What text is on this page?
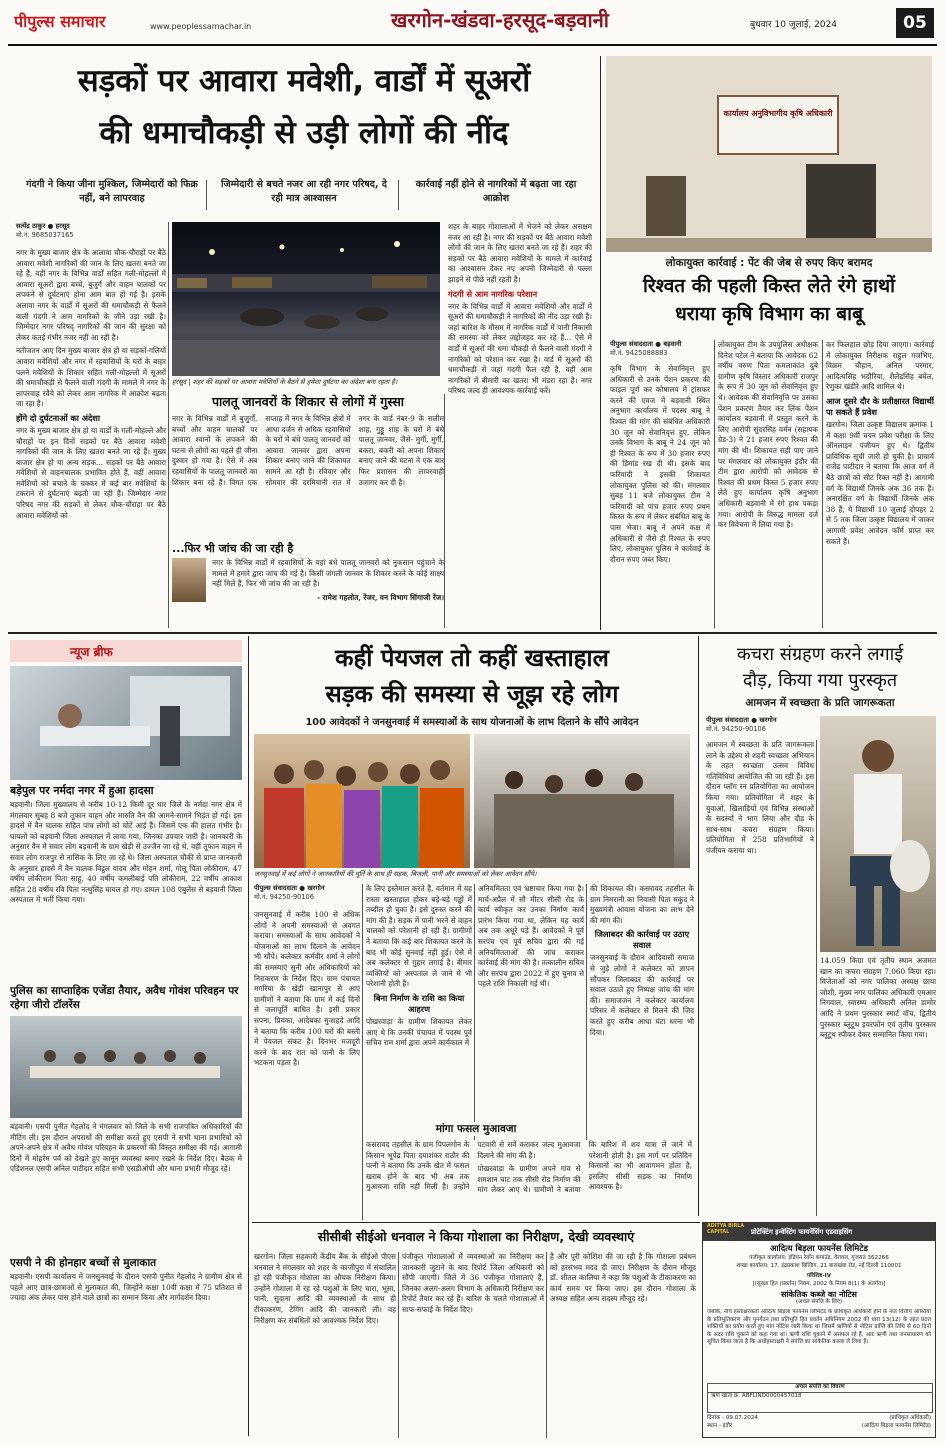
पीपुल्स समाचार	www.peoplessamachar.in	खरगोन-खंडवा-हरसूद-बड़वानी	बुधवार 10 जुलाई, 2024	05
सड़कों पर आवारा मवेशी, वार्डों में सूअरों
की धमाचौकड़ी से उड़ी लोगों की नींद
गंदगी ने किया जीना मुश्किल, जिम्मेदारों को फिक्र नहीं, बने लापरवाह
जिम्मेदारी से बचते नजर आ रही नगर परिषद, दे रही मात्र आश्वासन
कार्रवाई नहीं होने से नागरिकों में बढ़ता जा रहा आक्रोश
सत्येंद्र ठाकुर ● हरसूद
मो.नं. 9685037165

नगर के मुख्य बाजार क्षेत्र के आलावा चौक-चौराहों पर बैठे आवारा मवेशी नागरिकों की जान के लिए खतरा बनते जा रहे हैं, वहीं नगर के विभिन्न वार्डों सहित गली-मोहल्लों में आवारा सूअरों द्वारा बच्चे, बुजुर्ग और वाहन चालकों पर लपकने से दुर्घटनाएं होना आम बात हो गई है। इसके अलावा नगर के वार्डों में सूअरों की धमाचौकड़ी से फैलने वाली गंदगी ने आम नागरिकों के जीने उड़ा रखी है। जिम्मेदार नगर परिषद् नागरिकों की जान की सुरक्षा को लेकर कतई गंभीर नजर नहीं आ रही है।

नतीजतन आए दिन मुख्य बाजार क्षेत्र हो या सड़कों-गलियों आवारा मवेशियों और नगर में रहवासियों के घरों के बाहर पलने मवेशियों के शिकार सहित गली-मोहल्लों में सूअरों की धमाचौकड़ी से फैलने वाली गंदगी के मामले में नगर के लापरवाह रवैये को लेकर आम नागरिक में आक्रोश बढ़ता जा रहा है।

होंगे दो दुर्घटनाओं का अंदेशा

नगर के मुख्य बाजार क्षेत्र हो या वार्डों के गली-मोहल्ले और चौराहों पर इन दिनों सड़कों पर बैठे आवारा मवेशी नागरिकों की जान के लिए खतरा बनते जा रहे हैं। मुख्य बाजार क्षेत्र हो या अन्य सड़क... सड़कों पर बैठे आवारा मवेशियों से वाहनचालक प्रभावित होते हैं, वहीं आवारा मवेशियों को बचाने के चक्कर में कई बार मवेशियों के टकराने से दुर्घटनाएं बढ़ती जा रही हैं। जिम्मेदार नगर परिषद नगर की सड़कों से लेकर चौक-चौराहा पर बैठे आवारा मवेशियों को

हरसूद | शहर की सड़कों पर आवारा मवेशियों के बैठने से हमेशा दुर्घटना का अंदेशा बना रहता है।

शहर के बाहर गोशालाओं में भेजने को लेकर असक्षम नजर आ रही है। नगर की सड़कों पर बैठे आवारा मवेशी लोगों की जान के लिए खतरा बनते जा रहे हैं। शहर की सड़कों पर बैठे आवारा मवेशियों के मामले में कार्रवाई का आश्वासन देकर नए अपनी जिम्मेदारी से पल्ला झाड़ने से पीछे नहीं रहती है।

गंदगी से आम नागरिक परेशान

नगर के विभिन्न वार्डों में आवारा मवेशियों और वार्डों में सूअरों की धमाचौकड़ी ने नागरिकों की नींद उड़ा रखी है। जहां बारिश के मौसम में नागरिक वार्डों में पानी निकासी की समस्या को लेकर जद्दोजहद कर रहे हैं... ऐसे में वार्डों में सूअरों की धमा चौकड़ी से फैलने वाली गंदगी ने नागरिकों को परेशान कर रखा है। वार्ड में सूअरों की धमाचौकड़ी से जहां गंदगी फैल रही है, वहीं आम नागरिकों में बीमारी का खतरा भी मंडरा रहा है। नगर परिषद जल्द ही आवश्यक कार्रवाई करें।

पालतू जानवरों के शिकार से लोगों में गुस्सा

नगर के विभिन्न वार्डों में बुजुर्गों, बच्चों और वाहन चालकों पर आवारा श्वानों के लपकने की घटना से लोगों का पहले ही जीना दुश्वार हो गया है। ऐसे में अब रहवासियों के पालतू जानवरों का शिकार बना रहे हैं। विगत एक सप्ताह में नगर के विभिन्न क्षेत्रों में आधा दर्जन से अधिक रहवासियों के घरों में बंधे पालतू जानवरों को आवारा जानवर द्वारा अपना शिकार बनाए जाने की शिकायत सामने आ रही है। रविवार और सोमवार की दरमियानी रात में नगर के वार्ड नंबर-9 के सलीम शाह, गुड्डू शाह के घरों में बंधे पालतू जानवर, जैसे- मुर्गी, मुर्गी, बकरा, बकरी को अपना शिकार बनाए जाने की घटना ने एक बार फिर प्रशासन की लापरवाही उजागर कर दी है।

...फिर भी जांच की जा रही है

नगर के विभिन्न वार्डों में रहवासियों के यहां बंधे पालतू जानवरों को नुकसान पहुंचाने के मामले में हमारे द्वारा जांच की गई है। किसी जंगली जानवर के शिकार करने के कोई साक्ष्य नहीं मिले हैं, फिर भी जांच की जा रही है।

- रामेश गहलोत, रेंजर, वन विभाग सिंगाजी रेंज।

कार्यालय अनुविभागीय कृषि अधिकारी
लोकायुक्त कार्रवाई : पेंट की जेब से रुपए किए बरामद
रिश्वत की पहली किस्त लेते रंगे हाथों
धराया कृषि विभाग का बाबू
पीपुल्स संवाददाता ● बड़वानी
मो.नं. 9425088883

कृषि विभाग के सेवानिवृत्त हुए अधिकारी से उनके पेंशन प्रकरण की फाइल पूर्ण कर कोषालय में ट्रांसफर करने की एवज में बड़वानी स्थित अनुभाग कार्यालय में पदस्थ बाबू ने रिश्वत की मांग की संबंधित अधिकारी 30 जून को सेवानिवृत्त हुए, लेकिन उनके विभाग के बाबू ने 24 जून को ही रिश्वत के रूप में 30 हजार रुपए की डिमांड रख दी थी। इसके बाद फरियादी ने इसकी शिकायत लोकायुक्त पुलिस को की। मंगलवार सुबह 11 बजे लोकायुक्त टीम ने फरियादी को पांच हजार रुपए प्रथम किस्त के रूप में लेकर संबंधित बाबू के पास भेजा। बाबू ने अपने कक्ष में अधिकारी से जैसे ही रिश्वत के रुपए लिए, लोकायुक्त पुलिस ने कार्रवाई के दौरान रुपए जब्त किए।

लोकायुक्त टीम के उपपुलिस अधीक्षक दिनेश पटेल ने बताया कि आवेदक 62 वर्षीय वरुण पिता कमलाकांत दुबे ग्रामीण कृषि विस्तार अधिकारी राजपुर के रूप में 30 जून को सेवानिवृत्त हुए थे। आवेदक की सेवानिवृत्ति पर उसका पेंशन प्रकरण तैयार कर लिंक पेंशन कार्यालय बड़वानी में प्रस्तुत करने के लिए आरोपी सुंदरसिंह वर्मन (सहायक ग्रेड-3) ने 21 हजार रुपए रिश्वत की मांग की थी। शिकायत सही पाए जाने पर मंगलवार को लोकायुक्त इंदौर की टीम द्वारा आरोपी को आवेदक से रिश्वत की प्रथम किस्त 5 हजार रुपए लेते हुए कार्यालय कृषि अनुभाग अधिकारी बड़वानी में रंगे हाथ पकड़ा गया। आरोपी के विरुद्ध मामला दर्ज कर विवेचना में लिया गया है।

कर फिलहाल छोड़ दिया जाएगा। कार्रवाई में लोकायुक्त निरीक्षक राहुल गजभिए, विक्रम चौहान, अनिल परमार, आदित्यसिंह भदौरिया, शैलेंद्रसिंह बघेल, रेणुका खंडीरे आदि शामिल थे।

आज दूसरे दौर के प्रतीक्षारत विद्यार्थी पा सकते हैं प्रवेश

खरगोन। जिला उत्कृष्ट विद्यालय क्रमांक 1 में कक्षा 9वीं चयन प्रवेश परीक्षा के लिए ऑनलाइन पंजीयन हुए थे। द्वितीय प्राविधिक सूची जारी हो चुकी है। प्राचार्य राजेंद्र पाटीदार ने बताया कि आज वर्ग में बैठे छात्रों को सीट रिक्त नहीं है। आगामी वर्ग के विद्यार्थी जिनके अंक 36 तक हैं। अनारक्षित वर्ग के विद्यार्थी जिनके अंक 38 हैं, ये विद्यार्थी 10 जुलाई दोपहर 2 से 5 तक जिला उत्कृष्ट विद्यालय में जाकर आगामी प्रवेश आवेदन फॉर्म प्राप्त कर सकते हैं।

न्यूज ब्रीफ
बड़ेपुल पर नर्मदा नगर में हुआ हादसा

बड़वानी। जिला मुख्यालय से करीब 10-12 किमी दूर धार जिले के नर्मदा नगर क्षेत्र में मंगलवार सुबह 8 बजे तूफान वाहन और मारुति वैन की आमने-सामने भिड़ंत हो गई। इस हादसे में वैन चालक सहित पांच लोगों को चोटें आई हैं। जिसमें एक की हालत गंभीर है। घायलों को बड़वानी जिला अस्पताल में लाया गया, जिनका उपचार जारी है। जानकारी के अनुसार वैन में सवार लोग बड़वानी के ग्राम खेड़ी से उज्जैन जा रहे थे, वहीं तूफान वाहन में सवार लोग राजपुर से नासिक के लिए जा रहे थे। जिला अस्पताल चौकी से प्राप्त जानकारी के अनुसार हादसे में वैन चालक विट्ठल यादव और मोहन शर्मा, गोलू पिता लोकीराम, 47 वर्षीय लोकीराम पिता साहू, 40 वर्षीय कमलीबाई पति लोकीराम, 22 वर्षीय आकाश सहित 28 वर्षीय रवि पिता नत्थुसिंह घायल हो गए। डायल 108 एंबुलेंस से बड़वानी जिला अस्पताल में भर्ती किया गया।

पुलिस का साप्ताहिक एजेंडा तैयार, अवैध गोवंश परिवहन पर रहेगा जीरो टॉलरेंस

बड़वानी। एसपी पुनीत गेहलोद ने मंगलवार को जिले के सभी राजपत्रित अधिकारियों की मीटिंग ली। इस दौरान अपराधों की समीक्षा करते हुए एसपी ने सभी थाना प्रभारियों को अपने-अपने क्षेत्र में अवैध गोवंश परिवहन के प्रकरणों की विस्तृत समीक्षा की गई। आगामी दिनों में मोहर्रम पर्व को देखते हुए कानून व्यवस्था बनाए रखने के निर्देश दिए। बैठक में एडिशनल एसपी अनिल पाटीदार सहित सभी एसडीओपी और थाना प्रभारी मौजूद रहे।

एसपी ने की होनहार बच्चों से मुलाकात

बड़वानी। एसपी कार्यालय में जनसुनवाई के दौरान एसपी पुनीत गेहलोद ने ग्रामीण क्षेत्र से पहले आए छात्र-छात्राओं से मुलाकात की, जिन्होंने कक्षा 10वीं कक्षा में 75 प्रतिशत से ज्यादा अंक लेकर पास होने वाले छात्रों का सम्मान किया और मार्गदर्शन दिया।

कहीं पेयजल तो कहीं खस्ताहाल
सड़क की समस्या से जूझ रहे लोग
100 आवेदकों ने जनसुनवाई में समस्याओं के साथ योजनाओं के लाभ दिलाने के सौंपे आवेदन
जनसुनवाई में कई लोगों ने जानकारियों की पूर्ति के साथ ही सड़क, बिजली, पानी और समस्याओं को लेकर आवेदन सौंपे।
पीपुल्स संवाददाता ● खरगोन
मो.नं. 94250-90106

जनसुनवाई में करीब 100 से अधिक लोगों ने अपनी समस्याओं से अवगत कराया। समस्याओं के साथ आवेदकों ने योजनाओं का लाभ दिलाने के आवेदन भी सौंपे। कलेक्टर कर्मवीर शर्मा ने लोगों की समस्याएं सुनी और अधिकारियों को निराकरण के निर्देश दिए। ग्राम पंचायत मगरिया के खेड़ी खानापुर से आए ग्रामीणों ने बताया कि ग्राम में कई दिनों से जलापूर्ति बाधित है। इसी प्रकार सपना, प्रियंका, आदेबका मुजाहदे आदि ने बताया कि करीब 100 घरों की बस्ती में पेयजल संकट है। दिनभर मजदूरी करने के बाद रात को पानी के लिए भटकना पड़ता है।

के लिए इस्तेमाल करते हैं, वर्तमान में यह रास्ता खस्ताहाल होकर बड़े-बड़े गड्ढों में तब्दील हो चुका है। इसे दुरुस्त करने की मांग की है। सड़क में पानी भरने से वाहन चालकों को परेशानी हो रही है। ग्रामीणों ने बताया कि कई बार शिकायत करने के बाद भी कोई सुनवाई नहीं हुई। ऐसे में अब कलेक्टर से गुहार लगाई है। बीमार व्यक्तियों को अस्पताल ले जाने में भी परेशानी होती है।

बिना निर्माण के राशि का किया आहरण

पोखरवाड़ा के ग्रामीण शिकायत लेकर आए थे कि उनकी पंचायत में पदस्थ पूर्व सचिव राम शर्मा द्वारा अपने कार्यकाल में

अनियमितता एवं भ्रष्टाचार किया गया है। मार्च-अप्रैल में सौ मीटर सीसी रोड के कार्य स्वीकृत कर उनका निर्माण कार्य प्रारंभ किया गया था, लेकिन यह कार्य अब तक अधूरे पड़े हैं। आवेदकों ने पूर्व सरपंच एवं पूर्व सचिव द्वारा की गई अनियमितताओं की जांच कराकर कार्रवाई की मांग की है। तत्कालीन सचिव और सरपंच द्वारा 2022 में हुए चुनाव से पहले राशि निकाली गई थी।

की शिकायत की। कसरावद तहसील के ग्राम निमरानी का निवासी पिता मकुंद ने मुख्यमंत्री आवास योजना का लाभ देने की मांग की।

जिलाबदर की कार्रवाई पर उठाए सवाल

जनसुनवाई के दौरान आदिवासी समाज से जुड़े लोगों ने कलेक्टर को ज्ञापन सौंपकर जिलाबदर की कार्रवाई पर सवाल उठाते हुए निष्पक्ष जांच की मांग की। समाजजन ने कलेक्टर कार्यालय परिसर में कलेक्टर से मिलने की जिद करते हुए करीब आधा घंटा धरना भी दिया।

मांगा फसल मुआवजा

कसरावद तहसील के ग्राम पिपलगोन के किसान भूपेंद्र पिता दयाशंकर राठौर की पत्नी ने बताया कि उनके खेत में फसल खराब होने के बाद भी अब तक मुआवजा राशि नहीं मिली है। उन्होंने पटवारी से सर्वे कराकर जल्द मुआवजा दिलाने की मांग की है।

पोखरवाड़ा के ग्रामीण अपने गांव से शमशान घाट तक सीसी रोड निर्माण की मांग लेकर आए थे। ग्रामीणों ने बताया कि बारिश में शव यात्रा ले जाने में परेशानी होती है। इस मार्ग पर प्रतिदिन किसानों का भी आवागमन होता है, इसलिए सीसी सड़क का निर्माण आवश्यक है।

कचरा संग्रहण करने लगाई
दौड़, किया गया पुरस्कृत
आमजन में स्वच्छता के प्रति जागरूकता
पीपुल्स संवाददाता ● खरगोन
मो.नं. 94250-90106

आमजन में स्वच्छता के प्रति जागरूकता लाने के उद्देश्य से शहरी स्वच्छता अभियान के तहत स्वच्छता उत्सव विविध गतिविधियां आयोजित की जा रही हैं। इस दौरान प्लॉग रन प्रतियोगिता का आयोजन किया गया। प्रतियोगिता में शहर के युवाओं, खिलाड़ियों एवं विभिन्न संस्थाओं के सदस्यों ने भाग लिया और दौड़ के साथ-साथ कचरा संग्रहण किया। प्रतियोगिता में 258 प्रतिभागियों ने पंजीयन कराया था।

14.059 किग्रा एवं तृतीय स्थान अजमत खान का कचरा संग्रहण 7.060 किग्रा रहा। विजेताओं को नगर पालिका अध्यक्ष छाया जोशी, मुख्य नगर पालिका अधिकारी एमआर निगवाल, स्वास्थ्य अधिकारी अनिल डामोर आदि ने प्रथम पुरस्कार स्मार्ट वॉच, द्वितीय पुरस्कार ब्लूटूथ इयरफोन एवं तृतीय पुरस्कार ब्लूटूथ स्पीकर देकर सम्मानित किया गया।

सीसीबी सीईओ धनवाल ने किया गोशाला का निरीक्षण, देखी व्यवस्थाएं

खरगोन। जिला सहकारी केंद्रीय बैंक के सीईओ पीएस धनवाल ने मंगलवार को शहर के काजीपुरा में संचालित हो रही पंजीकृत गोशाला का औचक निरीक्षण किया। उन्होंने गोशाला में रह रहे पशुओं के लिए चारा, भूसा, पानी, सुदाना आदि की व्यवस्थाओं के साथ ही टीकाकरण, टेगिंग आदि की जानकारी ली। वह निरीक्षण कर संबंधितों को आवश्यक निर्देश दिए।

पंजीकृत गोशालाओं में व्यवस्थाओं का निरीक्षण कर जानकारी जुटाने के बाद रिपोर्ट जिला अधिकारी को सौंपी जाएगी। जिले में 36 पंजीकृत गोशालाएं हैं, जिनका अलग-अलग विभाग के अधिकारी निरीक्षण कर रिपोर्ट तैयार कर रहे हैं। बारिश के चलते गोशालाओं में साफ-सफाई के निर्देश दिए।

है और पूरी कोशिश की जा रही है कि गोशाला प्रबंधन को हरसंभव मदद दी जाए। निरीक्षण के दौरान मौजूद डॉ. शीतल कालिया ने कहा कि पशुओं के टीकाकरण का कार्य समय पर किया जाए। इस दौरान गोशाला के अध्यक्ष सहित अन्य सदस्य मौजूद रहे।

ADITYA BIRLA CAPITAL	प्रोटेक्टिंग इन्वेस्टिंग फायनेंसिंग एडवाइसिंग
आदित्य बिड़ला फायनेंस लिमिटेड
पंजीकृत कार्यालय: इंडियन रेयॉन कंपाउंड, वेरावल, गुजरात 362266
शाखा कार्यालय: 17, इंद्रप्रकाश बिल्डिंग, 21 बाराखंबा रोड, नई दिल्ली 110001
परिशिष्ट-IV
[(सुरक्षा हित (प्रवर्तन) नियम, 2002 के नियम 8(1) के अंतर्गत)]
सांकेतिक कब्जे का नोटिस
(अचल संपत्ति के लिए)
जबकि, नीचे हस्ताक्षरकर्ता आदित्य बिड़ला फायनेंस लिमिटेड के प्राधिकृत अधिकारी होने के नाते वित्तीय आस्तियों के प्रतिभूतिकरण और पुनर्गठन तथा प्रतिभूति हित प्रवर्तन अधिनियम 2002 की धारा 13(12) के तहत प्रदत्त शक्तियों का प्रयोग करते हुए मांग नोटिस जारी किया था जिसमें ऋणियों से नोटिस प्राप्ति की तिथि से 60 दिनों के अंदर राशि चुकाने को कहा गया था। ऋणी राशि चुकाने में असफल रहे हैं, अतः ऋणी तथा जनसाधारण को सूचित किया जाता है कि अधोहस्ताक्षरी ने संपत्ति का सांकेतिक कब्जा ले लिया है।
अचल संपत्ति का विवरण
ऋण खाता क्र. ABFLIND0000457018
दिनांक - 09.07.2024
स्थान - इंदौर
(प्राधिकृत अधिकारी)
(आदित्य बिड़ला फायनेंस लिमिटेड)
